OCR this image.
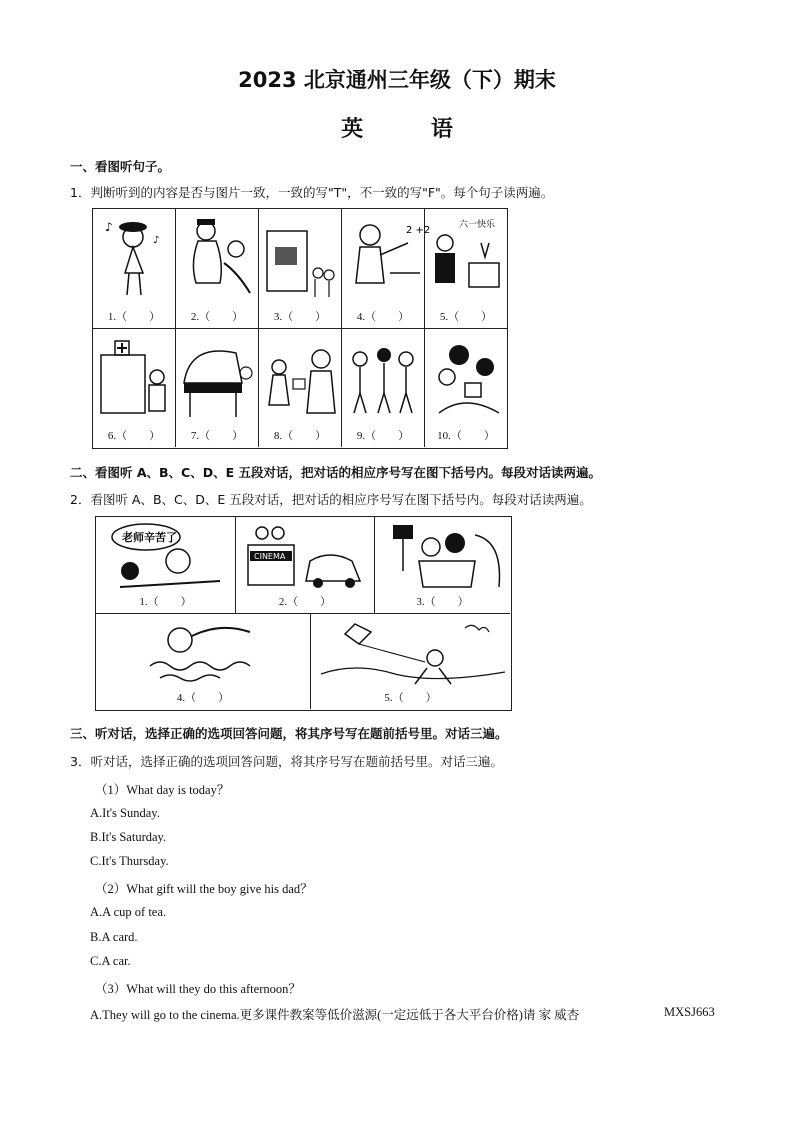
2023 北京通州三年级（下）期末
英 语
一、看图听句子。
1．判断听到的内容是否与图片一致，一致的写"T"，不一致的写"F"。每个句子读两遍。
♪
♪
1.（　　）	2.（　　）	3.（　　）
2 +2
4.（　　）
六一快乐
5.（　　）
6.（　　）	7.（　　）	8.（　　）	9.（　　）	10.（　　）
二、看图听 A、B、C、D、E 五段对话，把对话的相应序号写在图下括号内。每段对话读两遍。
2．看图听 A、B、C、D、E 五段对话，把对话的相应序号写在图下括号内。每段对话读两遍。
老师辛苦了
1.（　　）
CINEMA
2.（　　）	3.（　　）
4.（　　）	5.（　　）
三、听对话，选择正确的选项回答问题，将其序号写在题前括号里。对话三遍。
3．听对话，选择正确的选项回答问题，将其序号写在题前括号里。对话三遍。
（1）What day is today？
A.It's Sunday.
B.It's Saturday.
C.It's Thursday.
（2）What gift will the boy give his dad？
A.A cup of tea.
B.A card.
C.A car.
（3）What will they do this afternoon？
A.They will go to the cinema.更多课件教案等低价滋源(一定远低于各大平台价格)请 家 威杏	MXSJ663
